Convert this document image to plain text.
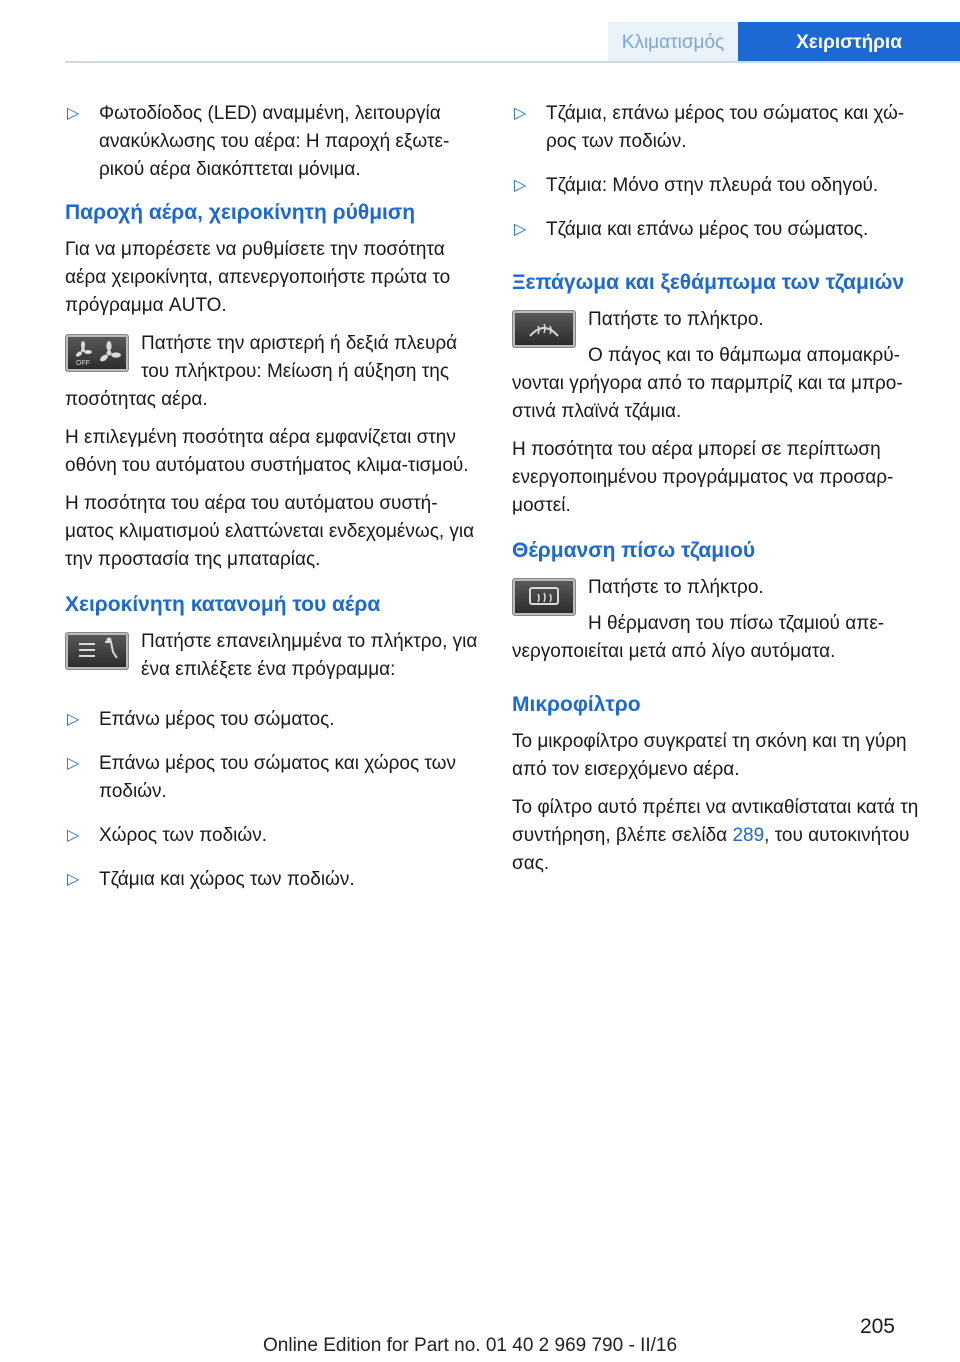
Κλιματισμός	Χειριστήρια
▷ Φωτοδίοδος (LED) αναμμένη, λειτουργία ανακύκλωσης του αέρα: Η παροχή εξωτε-ρικού αέρα διακόπτεται μόνιμα.
Παροχή αέρα, χειροκίνητη ρύθμιση
Για να μπορέσετε να ρυθμίσετε την ποσότητα αέρα χειροκίνητα, απενεργοποιήστε πρώτα το πρόγραμμα AUTO.
OFF
Πατήστε την αριστερή ή δεξιά πλευρά του πλήκτρου: Μείωση ή αύξηση της ποσότητας αέρα.
Η επιλεγμένη ποσότητα αέρα εμφανίζεται στην οθόνη του αυτόματου συστήματος κλιμα-τισμού.
Η ποσότητα του αέρα του αυτόματου συστή-ματος κλιματισμού ελαττώνεται ενδεχομένως, για την προστασία της μπαταρίας.
Χειροκίνητη κατανομή του αέρα
Πατήστε επανειλημμένα το πλήκτρο, για ένα επιλέξετε ένα πρόγραμμα:
▷ Επάνω μέρος του σώματος.
▷ Επάνω μέρος του σώματος και χώρος των ποδιών.
▷ Χώρος των ποδιών.
▷ Τζάμια και χώρος των ποδιών.
▷ Τζάμια, επάνω μέρος του σώματος και χώ-ρος των ποδιών.
▷ Τζάμια: Μόνο στην πλευρά του οδηγού.
▷ Τζάμια και επάνω μέρος του σώματος.
Ξεπάγωμα και ξεθάμπωμα των τζαμιών
Πατήστε το πλήκτρο.
Ο πάγος και το θάμπωμα απομακρύ-νονται γρήγορα από το παρμπρίζ και τα μπρο-στινά πλαϊνά τζάμια.
Η ποσότητα του αέρα μπορεί σε περίπτωση ενεργοποιημένου προγράμματος να προσαρ-μοστεί.
Θέρμανση πίσω τζαμιού
Πατήστε το πλήκτρο.
Η θέρμανση του πίσω τζαμιού απε-νεργοποιείται μετά από λίγο αυτόματα.
Μικροφίλτρο
Το μικροφίλτρο συγκρατεί τη σκόνη και τη γύρη από τον εισερχόμενο αέρα.
Το φίλτρο αυτό πρέπει να αντικαθίσταται κατά τη συντήρηση, βλέπε σελίδα 289, του αυτοκινήτου σας.
205
Online Edition for Part no. 01 40 2 969 790 - II/16
